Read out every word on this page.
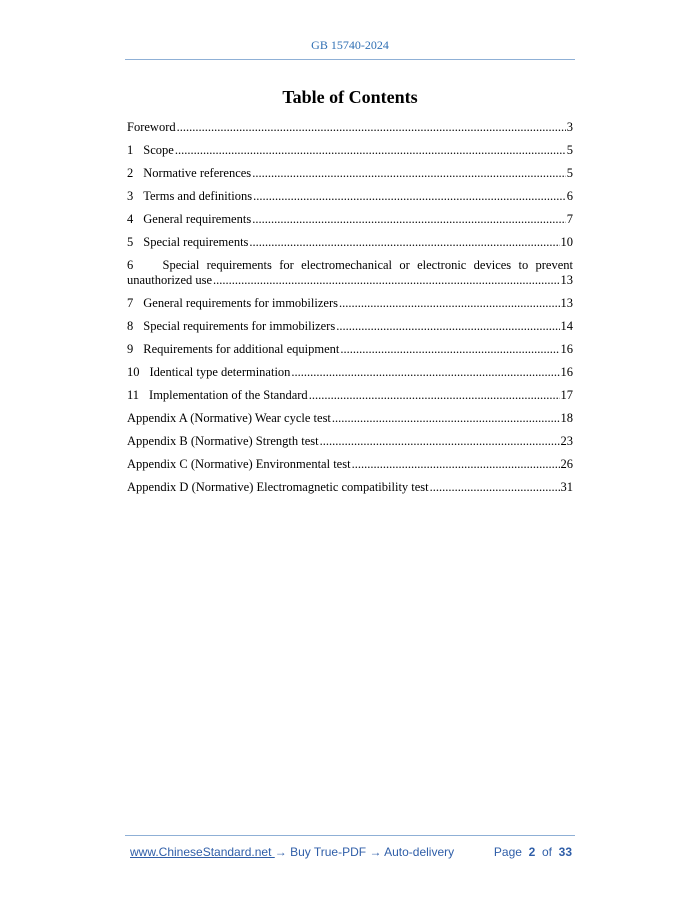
GB 15740-2024
Table of Contents
Foreword .....	3
1 Scope .....	5
2 Normative references .....	5
3 Terms and definitions .....	6
4 General requirements .....	7
5 Special requirements .....	10
6 Special requirements for electromechanical or electronic devices to prevent
unauthorized use .....	13
7 General requirements for immobilizers .....	13
8 Special requirements for immobilizers .....	14
9 Requirements for additional equipment .....	16
10 Identical type determination .....	16
11 Implementation of the Standard .....	17
Appendix A (Normative) Wear cycle test .....	18
Appendix B (Normative) Strength test .....	23
Appendix C (Normative) Environmental test .....	26
Appendix D (Normative) Electromagnetic compatibility test .....	31
www.ChineseStandard.net → Buy True-PDF → Auto-delivery	Page 2 of 33
